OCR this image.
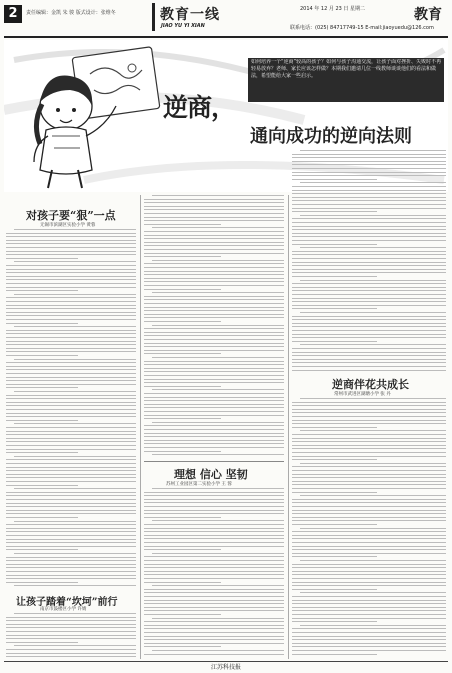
2	责任编辑：金凯 朱 骏 版式设计：张维冬	教育一线
JIAO YU YI XIAN
2014 年 12 月 23 日 星期二	教育
联系电话：(025) 84717749-15 E-mail:jiaoyuedu@126.com
如何培养一个“逆商”较高的孩子？如何与孩子沟通交流，让孩子面对挫折、失败时不再轻易放弃？老师、家长应该怎样做？本期我们邀请几位一线教师谈谈他们的看法和做法，希望能给大家一些启示。
逆商，
通向成功的逆向法则
对孩子要“狠”一点
无锡市滨湖区实验小学 黄蓉
让孩子踏着“坎坷”前行
南京市鼓楼区小学 许婧
理想 信心 坚韧
苏州工业园区第二实验小学 王 蓉
逆商伴花共成长
常州市武进区湖塘小学 张 丹
江苏科技报
